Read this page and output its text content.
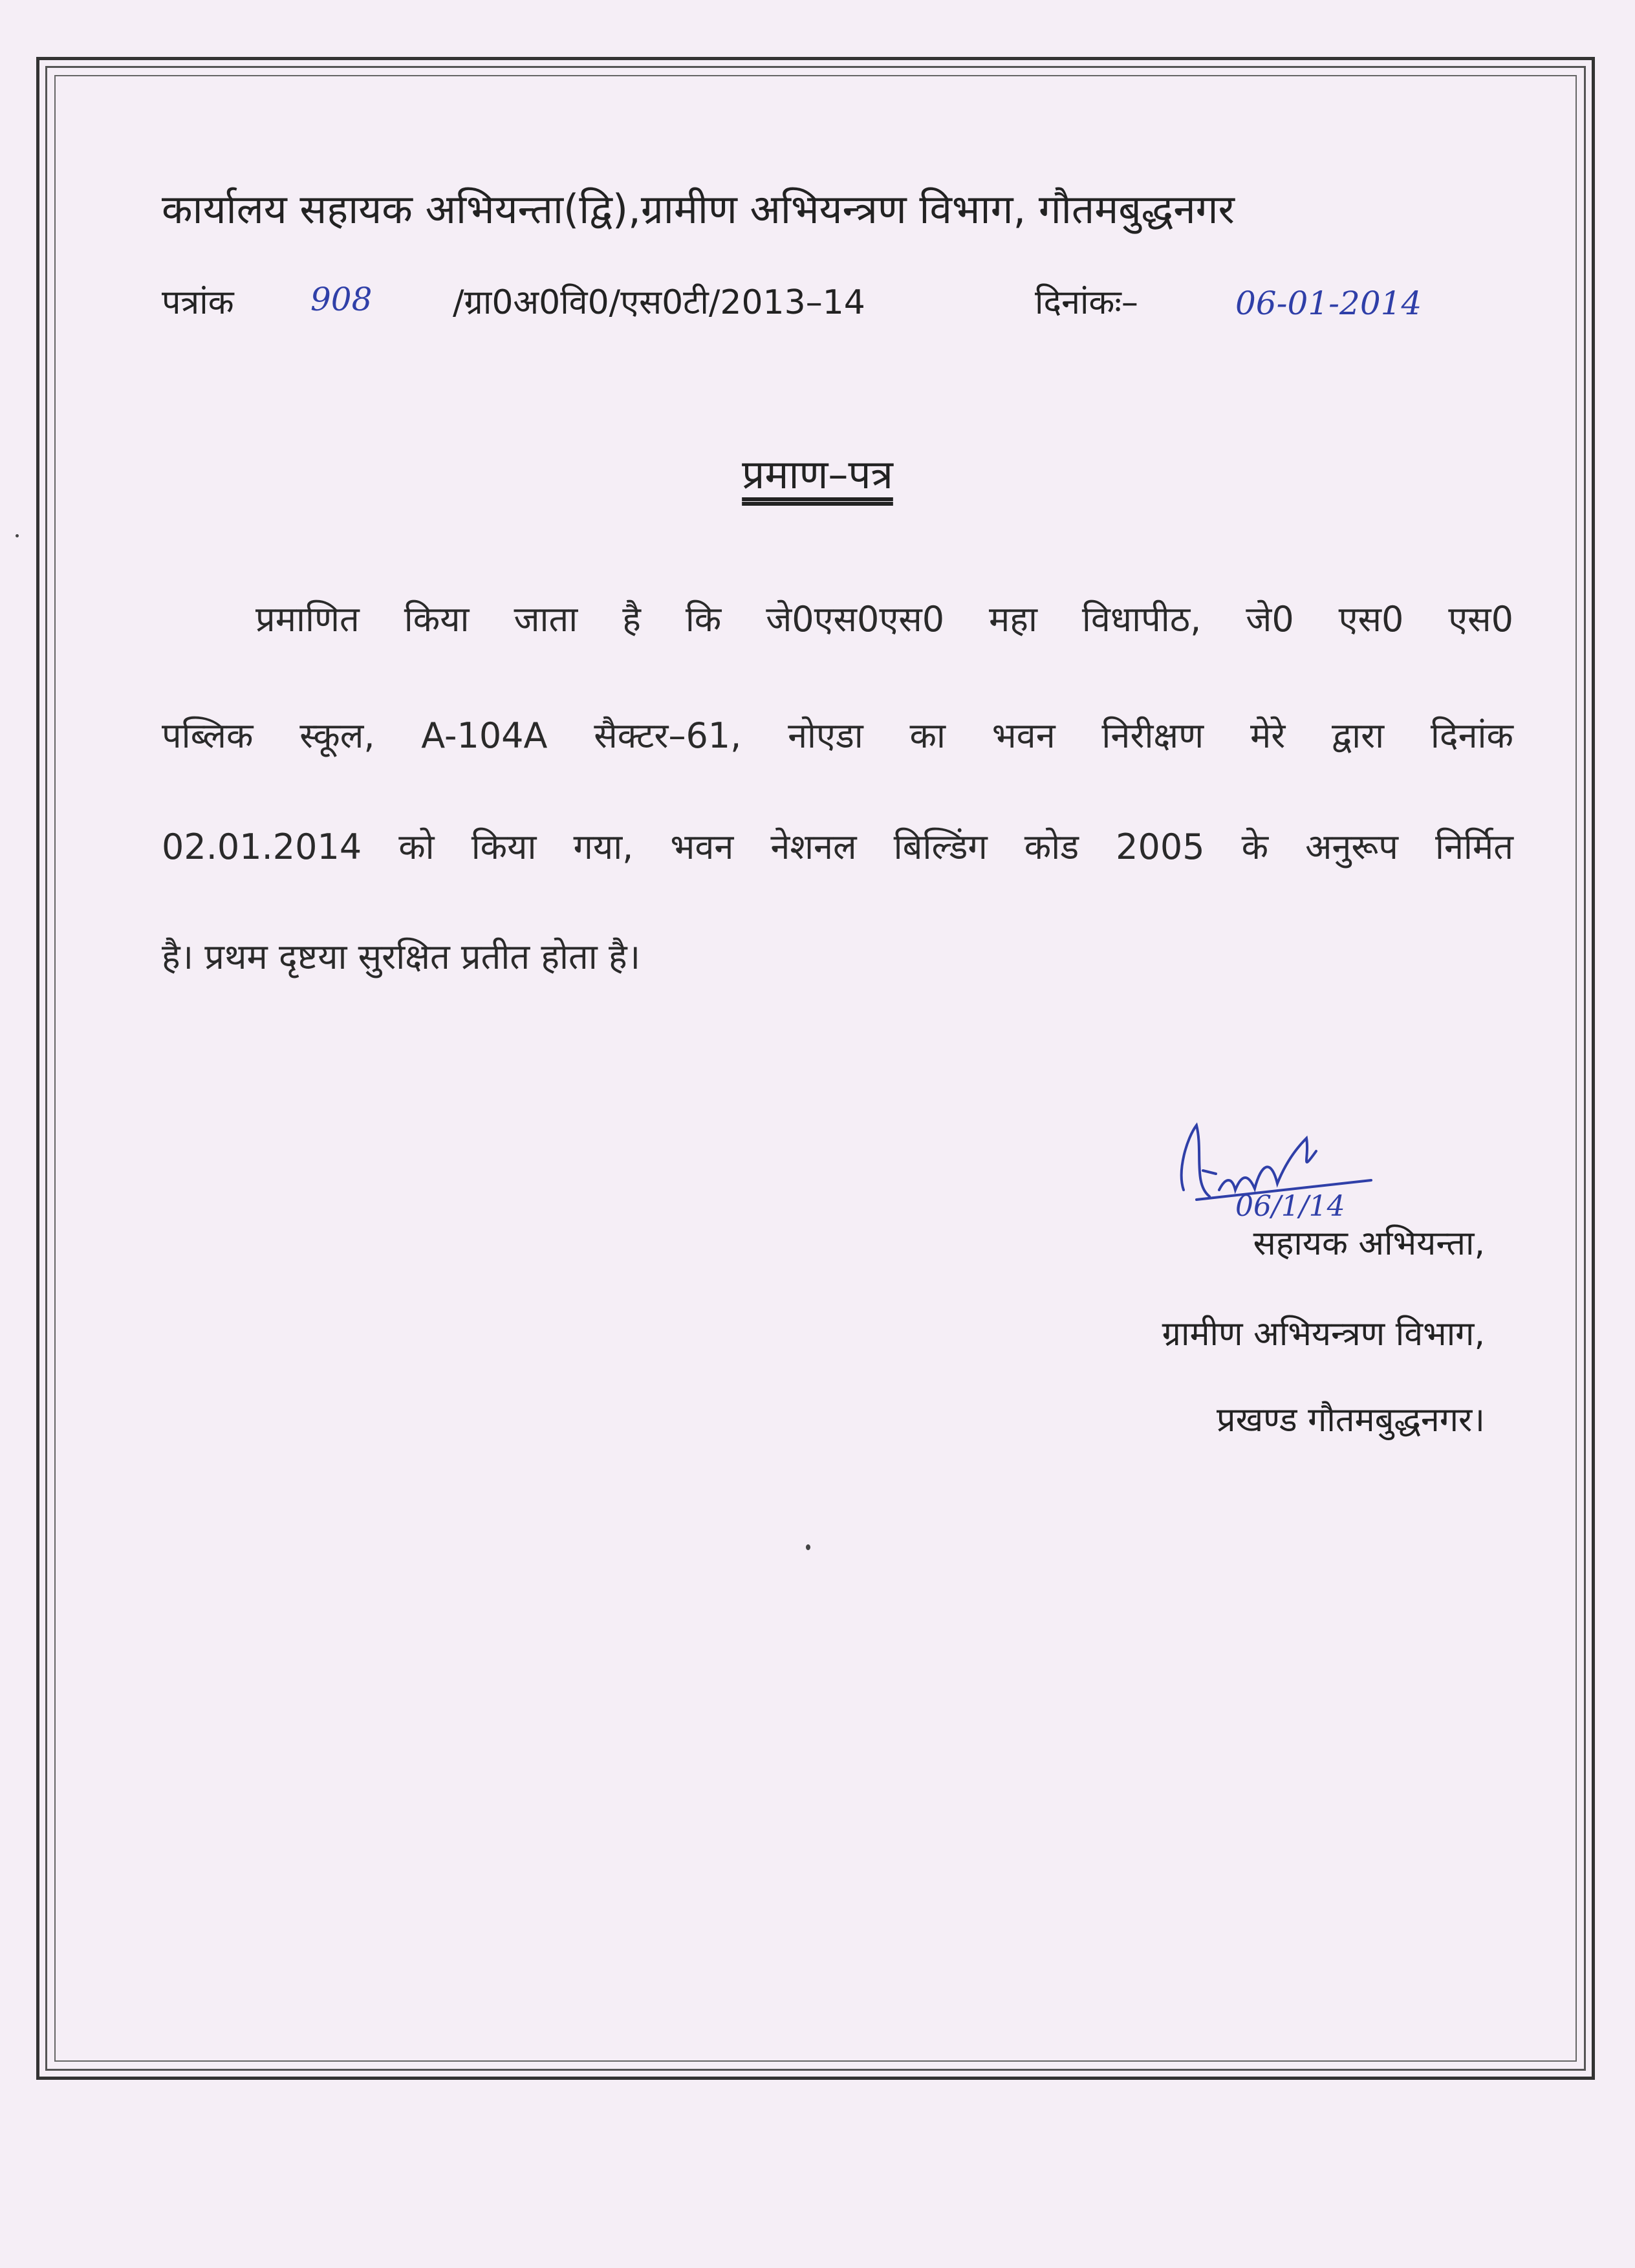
कार्यालय सहायक अभियन्ता(द्वि),ग्रामीण अभियन्त्रण विभाग, गौतमबुद्धनगर
पत्रांक 908 /ग्रा0अ0वि0/एस0टी/2013–14	दिनांकः–	06-01-2014
प्रमाण–पत्र
प्रमाणित किया जाता है कि जे0एस0एस0 महा विधापीठ, जे0 एस0 एस0
पब्लिक स्कूल, A-104A सैक्टर–61, नोएडा का भवन निरीक्षण मेरे द्वारा दिनांक
02.01.2014 को किया गया, भवन नेशनल बिल्डिंग कोड 2005 के अनुरूप निर्मित
है। प्रथम दृष्टया सुरक्षित प्रतीत होता है।
06/1/14
सहायक अभियन्ता,
ग्रामीण अभियन्त्रण विभाग,
प्रखण्ड गौतमबुद्धनगर।
